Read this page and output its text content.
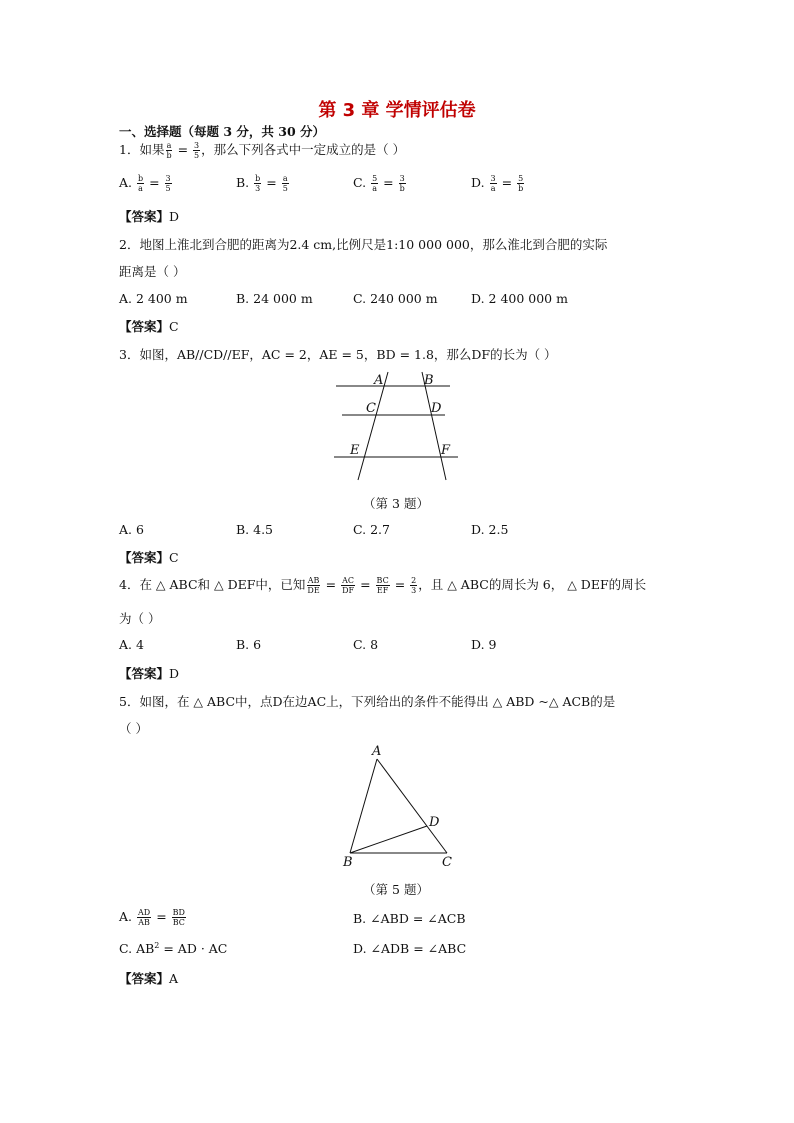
第 3 章 学情评估卷
一、选择题（每题 3 分，共 30 分）
1．如果 $\frac{a}{b} = \frac{3}{5}$ ，那么下列各式中一定成立的是（ ）
A. $\frac{b}{a} = \frac{3}{5}$	B. $\frac{b}{3} = \frac{a}{5}$	C. $\frac{5}{a} = \frac{3}{b}$	D. $\frac{3}{a} = \frac{5}{b}$
【答案】D
2．地图上淮北到合肥的距离为2.4 cm,比例尺是1:10 000 000，那么淮北到合肥的实际
距离是（ ）
A. 2 400 m	B. 24 000 m	C. 240 000 m	D. 2 400 000 m
【答案】C
3．如图，AB//CD//EF，AC = 2，AE = 5，BD = 1.8，那么DF的长为（ ）
A	B
C	D
E	F
（第 3 题）
A. 6	B. 4.5	C. 2.7	D. 2.5
【答案】C
4．在 △ ABC和 △ DEF中，已知 $\frac{AB}{DE} = \frac{AC}{DF} = \frac{BC}{EF} = \frac{2}{3}$ ，且 △ ABC的周长为 6， △ DEF的周长
为（ ）
A. 4	B. 6	C. 8	D. 9
【答案】D
5．如图，在 △ ABC中，点D在边AC上，下列给出的条件不能得出 △ ABD ~△ ACB的是
（ ）
A
B	C
D
（第 5 题）
A. $\frac{AD}{AB} = \frac{BD}{BC}$	B. ∠ABD = ∠ACB
C. $AB^2$ = AD · AC	D. ∠ADB = ∠ABC
【答案】A
